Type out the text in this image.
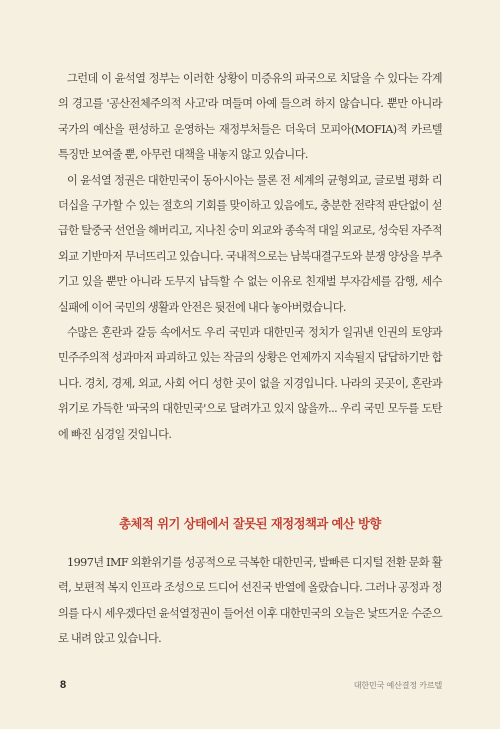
그런데 이 윤석열 정부는 이러한 상황이 미증유의 파국으로 치달을 수 있다는 각계의 경고를 '공산전체주의적 사고'라 며들며 아예 들으려 하지 않습니다. 뿐만 아니라 국가의 예산을 편성하고 운영하는 재정부처들은 더욱더 모피아(MOFIA)적 카르텔 특징만 보여줄 뿐, 아무런 대책을 내놓지 않고 있습니다.

이 윤석열 정권은 대한민국이 동아시아는 물론 전 세계의 균형외교, 글로벌 평화 리더십을 구가할 수 있는 절호의 기회를 맞이하고 있음에도, 충분한 전략적 판단없이 섣급한 탈중국 선언을 해버리고, 지나친 숭미 외교와 종속적 대일 외교로, 성숙된 자주적 외교 기반마저 무너뜨리고 있습니다. 국내적으로는 남북대결구도와 분쟁 양상을 부추기고 있을 뿐만 아니라 도무지 납득할 수 없는 이유로 친재벌 부자감세를 감행, 세수 실패에 이어 국민의 생활과 안전은 뒷전에 내다 놓아버렸습니다.

수많은 혼란과 갈등 속에서도 우리 국민과 대한민국 정치가 일궈낸 인권의 토양과 민주주의적 성과마저 파괴하고 있는 작금의 상황은 언제까지 지속될지 답답하기만 합니다. 경치, 경제, 외교, 사회 어디 성한 곳이 없을 지경입니다. 나라의 곳곳이, 혼란과 위기로 가득한 '파국의 대한민국'으로 달려가고 있지 않을까... 우리 국민 모두를 도탄에 빠진 심경일 것입니다.

총체적 위기 상태에서 잘못된 재정정책과 예산 방향

1997년 IMF 외환위기를 성공적으로 극복한 대한민국, 발빠른 디지털 전환 문화 활력, 보편적 복지 인프라 조성으로 드디어 선진국 반열에 올랐습니다. 그러나 공정과 정의를 다시 세우겠다던 윤석열정권이 들어선 이후 대한민국의 오늘은 낯뜨거운 수준으로 내려 앉고 있습니다.

8	대한민국 예산결정 카르텔
